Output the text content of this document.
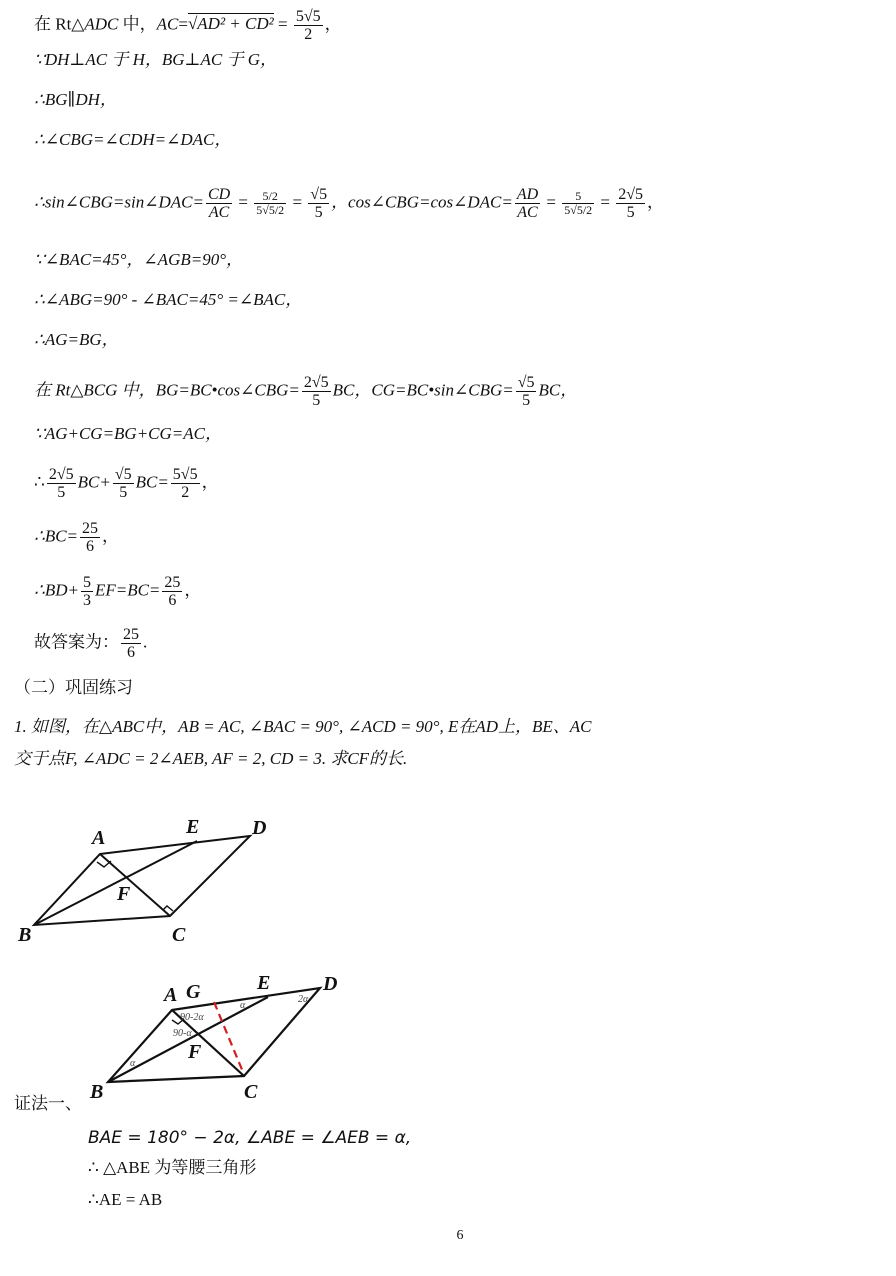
在 Rt△ADC 中，$AC=√AD^2 + CD^2 = \frac{5√5}{2}$ ，
∵DH⊥AC 于 H，BG⊥AC 于 G，
∴BG∥DH，
∴∠CBG=∠CDH=∠DAC，
∴sin∠CBG=sin∠DAC= $\frac{CD}{AC} = \frac{5/2}{5√5/2} = \frac{√5}{5}$ ，cos∠CBG=cos∠DAC= $\frac{AD}{AC} = \frac{5}{5√5/2} = \frac{2√5}{5}$ ，
∵∠BAC=45°，∠AGB=90°，
∴∠ABG=90° - ∠BAC=45° =∠BAC，
∴AG=BG，
在 Rt△BCG 中，BG=BC•cos∠CBG= $\frac{2√5}{5}$ BC，CG=BC•sin∠CBG= $\frac{√5}{5}$ BC，
∵AG+CG=BG+CG=AC，
∴ $\frac{2√5}{5} BC+ \frac{√5}{5} BC= \frac{5√5}{2}$ ，
∴BC= $\frac{25}{6}$ ，
∴BD+ $\frac{5}{3} EF=BC= \frac{25}{6}$ ，
故答案为： $\frac{25}{6}$ .
（二）巩固练习
1. 如图，在△ABC中，AB = AC, ∠BAC = 90°, ∠ACD = 90°, E在AD上，BE、AC
交于点F, ∠ADC = 2∠AEB, AF = 2, CD = 3. 求CF的长.
A	E	D
F
B	C
A G	E	D
F
B	C
90-2α
90-α
α
α
2α
证法一、
BAE = 180° − 2α, ∠ABE = ∠AEB = α,
∴ △ABE 为等腰三角形
∴AE = AB
6
